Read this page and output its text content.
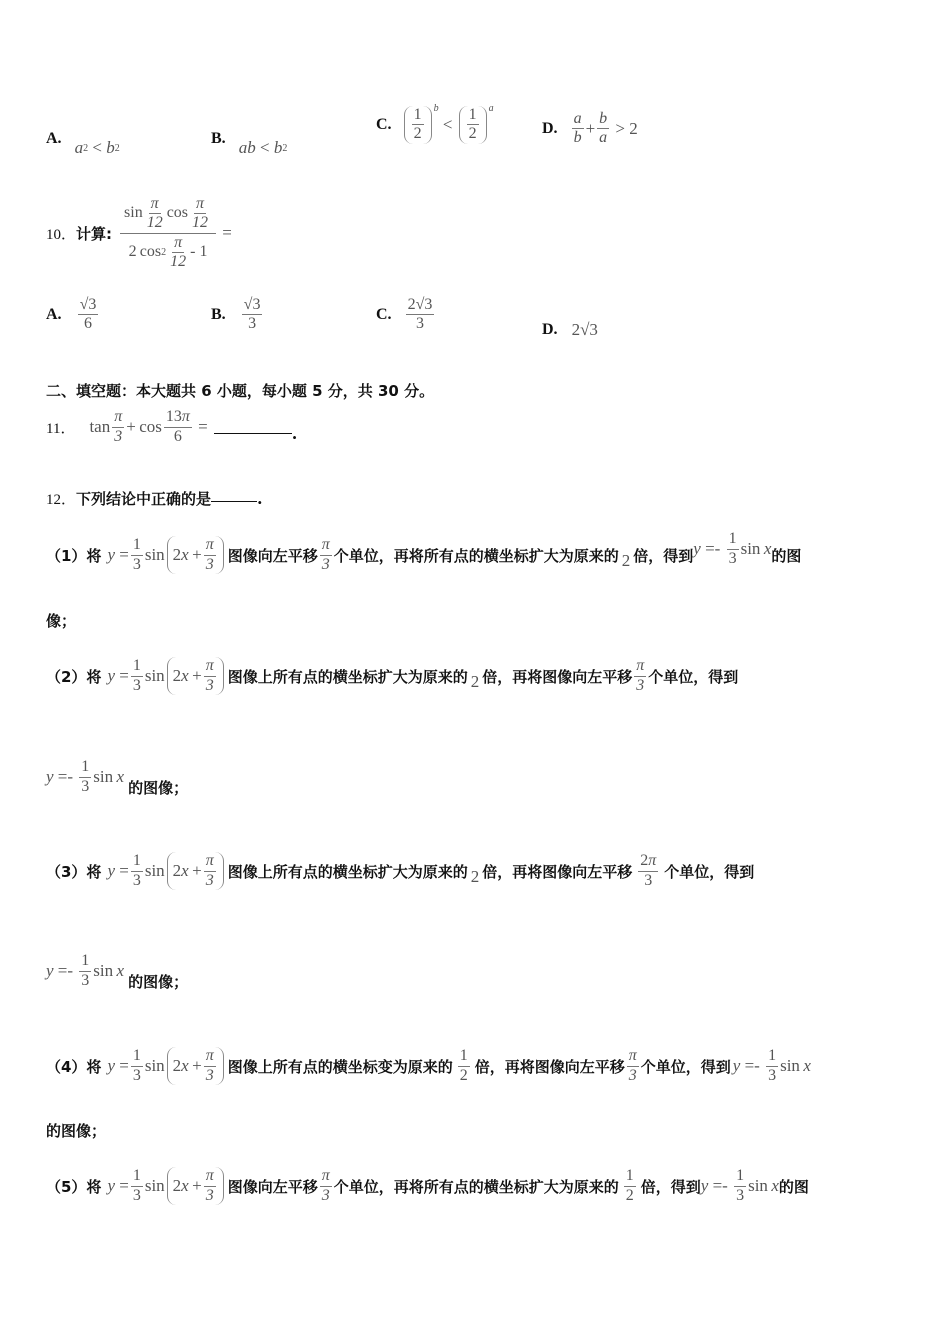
A. a 2 < b 2
B. ab < b 2
C. $\frac{1}{2} ^b$
< $\frac{1}{2} ^a$
D. $\frac{a}{b} + \frac{b}{a} > 2$
10． 计算: $\frac{\sin \frac{\pi}{12} \cos \frac{\pi}{12}}{2 \cos 2 \frac{\pi}{12} - 1}$ =
A. $\frac{√3}{6}$	B. $\frac{√3}{3}$	C. $\frac{2√3}{3}$	D. 2√3
二、填空题：本大题共 6 小题，每小题 5 分，共 30 分。
11． $\tan \frac{\pi}{3} + \cos \frac{13\pi}{6}$ =	.
12． 下列结论中正确的是	.
（1）将 $y = \frac{1}{3}$ sin 2 $x + \frac{\pi}{3}$ 图像向左平移 $\frac{\pi}{3}$ 个单位，再将所有点的横坐标扩大为原来的 2 倍，得到 $y =- \frac{1}{3}$ sin  x 的图
像；
（2）将 $y = \frac{1}{3}$ sin 2 $x + \frac{\pi}{3}$ 图像上所有点的横坐标扩大为原来的 2 倍，再将图像向左平移 $\frac{\pi}{3}$ 个单位，得到
$y =- \frac{1}{3}$ sin  x
的图像；
（3）将 $y = \frac{1}{3}$ sin 2 $x + \frac{\pi}{3}$ 图像上所有点的横坐标扩大为原来的 2 倍，再将图像向左平移 $\frac{2\pi}{3}$ 个单位，得到
$y =- \frac{1}{3}$ sin  x
的图像；
（4）将 $y = \frac{1}{3}$ sin 2 $x + \frac{\pi}{3}$ 图像上所有点的横坐标变为原来的 $\frac{1}{2}$ 倍，再将图像向左平移 $\frac{\pi}{3}$ 个单位，得到 $y =- \frac{1}{3}$ sin  x
的图像；
（5）将 $y = \frac{1}{3}$ sin 2 $x + \frac{\pi}{3}$ 图像向左平移 $\frac{\pi}{3}$ 个单位，再将所有点的横坐标扩大为原来的 $\frac{1}{2}$ 倍，得到 $y =- \frac{1}{3}$ sin  x 的图
